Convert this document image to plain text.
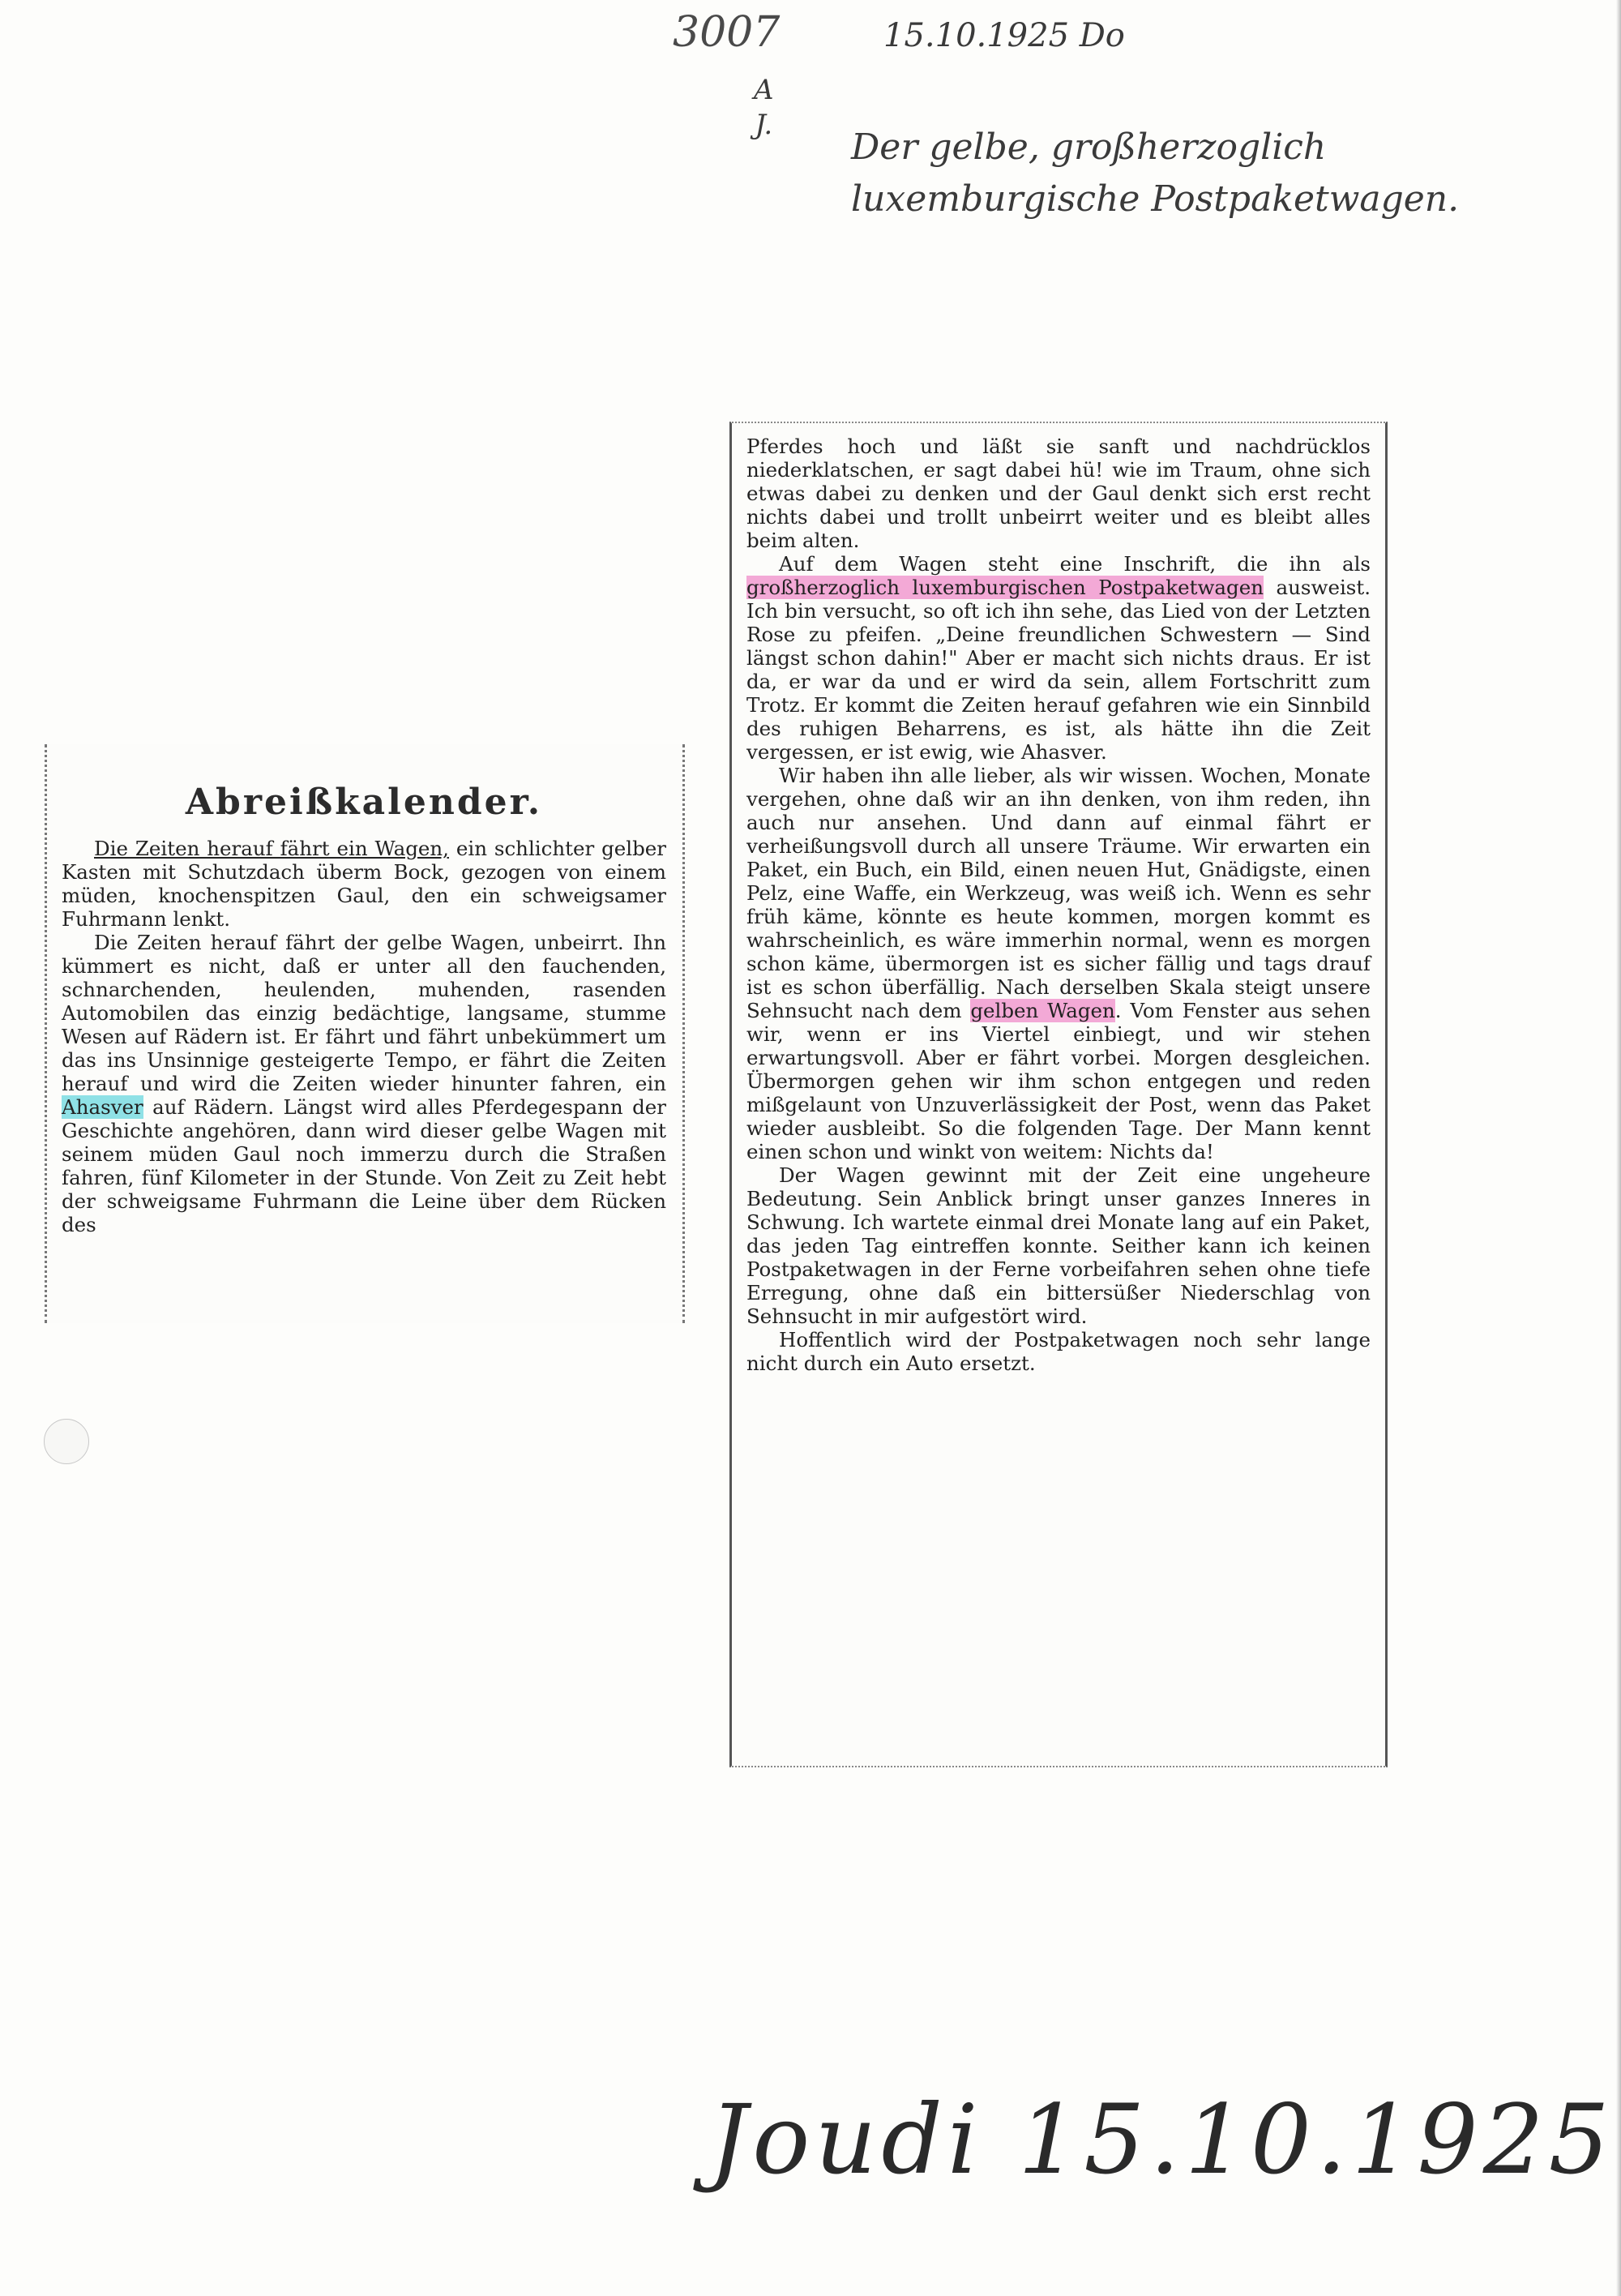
3007	15.10.1925 Do
A
J.
Der gelbe, großherzoglich luxemburgische Postpaketwagen.
Abreißkalender.

Die Zeiten herauf fährt ein Wagen, ein schlichter gelber Kasten mit Schutzdach überm Bock, gezogen von einem müden, knochenspitzen Gaul, den ein schweigsamer Fuhrmann lenkt.

Die Zeiten herauf fährt der gelbe Wagen, unbeirrt. Ihn kümmert es nicht, daß er unter all den fauchenden, schnarchenden, heulenden, muhenden, rasenden Automobilen das einzig bedächtige, langsame, stumme Wesen auf Rädern ist. Er fährt und fährt unbekümmert um das ins Unsinnige gesteigerte Tempo, er fährt die Zeiten herauf und wird die Zeiten wieder hinunter fahren, ein Ahasver auf Rädern. Längst wird alles Pferdegespann der Geschichte angehören, dann wird dieser gelbe Wagen mit seinem müden Gaul noch immerzu durch die Straßen fahren, fünf Kilometer in der Stunde. Von Zeit zu Zeit hebt der schweigsame Fuhrmann die Leine über dem Rücken des

Pferdes hoch und läßt sie sanft und nachdrücklos niederklatschen, er sagt dabei hü! wie im Traum, ohne sich etwas dabei zu denken und der Gaul denkt sich erst recht nichts dabei und trollt unbeirrt weiter und es bleibt alles beim alten.

Auf dem Wagen steht eine Inschrift, die ihn als großherzoglich luxemburgischen Postpaketwagen ausweist. Ich bin versucht, so oft ich ihn sehe, das Lied von der Letzten Rose zu pfeifen. „Deine freundlichen Schwestern — Sind längst schon dahin!" Aber er macht sich nichts draus. Er ist da, er war da und er wird da sein, allem Fortschritt zum Trotz. Er kommt die Zeiten herauf gefahren wie ein Sinnbild des ruhigen Beharrens, es ist, als hätte ihn die Zeit vergessen, er ist ewig, wie Ahasver.

Wir haben ihn alle lieber, als wir wissen. Wochen, Monate vergehen, ohne daß wir an ihn denken, von ihm reden, ihn auch nur ansehen. Und dann auf einmal fährt er verheißungsvoll durch all unsere Träume. Wir erwarten ein Paket, ein Buch, ein Bild, einen neuen Hut, Gnädigste, einen Pelz, eine Waffe, ein Werkzeug, was weiß ich. Wenn es sehr früh käme, könnte es heute kommen, morgen kommt es wahrscheinlich, es wäre immerhin normal, wenn es morgen schon käme, übermorgen ist es sicher fällig und tags drauf ist es schon überfällig. Nach derselben Skala steigt unsere Sehnsucht nach dem gelben Wagen. Vom Fenster aus sehen wir, wenn er ins Viertel einbiegt, und wir stehen erwartungsvoll. Aber er fährt vorbei. Morgen desgleichen. Übermorgen gehen wir ihm schon entgegen und reden mißgelaunt von Unzuverlässigkeit der Post, wenn das Paket wieder ausbleibt. So die folgenden Tage. Der Mann kennt einen schon und winkt von weitem: Nichts da!

Der Wagen gewinnt mit der Zeit eine ungeheure Bedeutung. Sein Anblick bringt unser ganzes Inneres in Schwung. Ich wartete einmal drei Monate lang auf ein Paket, das jeden Tag eintreffen konnte. Seither kann ich keinen Postpaketwagen in der Ferne vorbeifahren sehen ohne tiefe Erregung, ohne daß ein bittersüßer Niederschlag von Sehnsucht in mir aufgestört wird.

Hoffentlich wird der Postpaketwagen noch sehr lange nicht durch ein Auto ersetzt.

Joudi 15.10.1925
